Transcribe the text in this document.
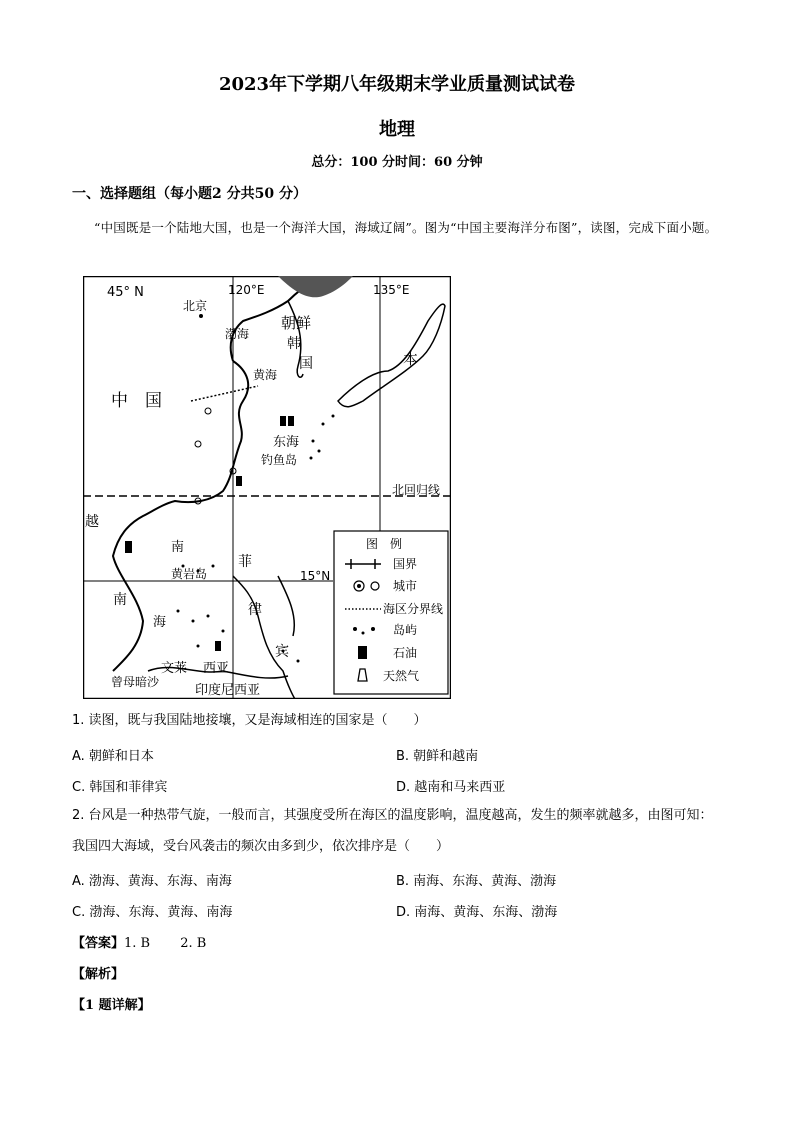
2023年下学期八年级期末学业质量测试试卷
地理
总分：100 分时间：60 分钟
一、选择题组（每小题2 分共50 分）
“中国既是一个陆地大国，也是一个海洋大国，海域辽阔”。图为“中国主要海洋分布图”，读图，完成下面小题。
45° N	120°E	135°E
北京
渤海
朝鲜
韩
国	本
中　国
黄海
东海
钓鱼岛
北回归线
越
南
黄岩岛	15°N
南
海
菲
律
宾
文莱 西亚
曾母暗沙
印度尼西亚
图　例
国界
城市
海区分界线
岛屿
石油
天然气
1. 读图，既与我国陆地接壤，又是海域相连的国家是（　　）
A. 朝鲜和日本	B. 朝鲜和越南
C. 韩国和菲律宾	D. 越南和马来西亚
2. 台风是一种热带气旋，一般而言，其强度受所在海区的温度影响，温度越高，发生的频率就越多，由图可知：我国四大海域，受台风袭击的频次由多到少，依次排序是（　　）
A. 渤海、黄海、东海、南海	B. 南海、东海、黄海、渤海
C. 渤海、东海、黄海、南海	D. 南海、黄海、东海、渤海
【答案】1. B　　 2. B
【解析】
【1 题详解】
